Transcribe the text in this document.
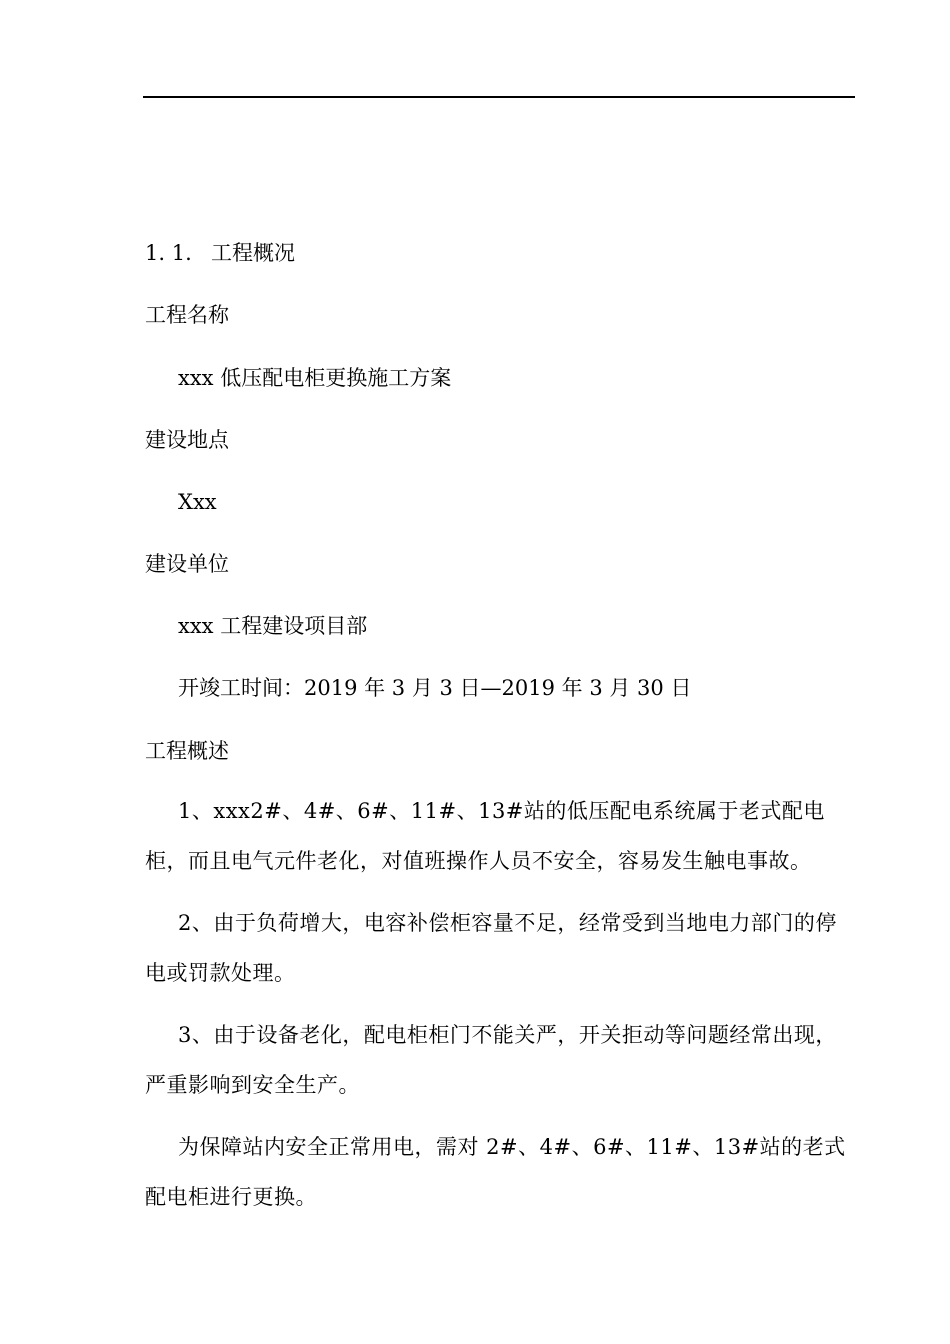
1. 1. 工程概况
工程名称
xxx 低压配电柜更换施工方案
建设地点
Xxx
建设单位
xxx 工程建设项目部
开竣工时间：2019 年 3 月 3 日—2019 年 3 月 30 日
工程概述

1、xxx2#、4#、6#、11#、13#站的低压配电系统属于老式配电柜，而且电气元件老化，对值班操作人员不安全，容易发生触电事故。

2、由于负荷增大，电容补偿柜容量不足，经常受到当地电力部门的停电或罚款处理。

3、由于设备老化，配电柜柜门不能关严，开关拒动等问题经常出现，严重影响到安全生产。

为保障站内安全正常用电，需对 2#、4#、6#、11#、13#站的老式配电柜进行更换。
